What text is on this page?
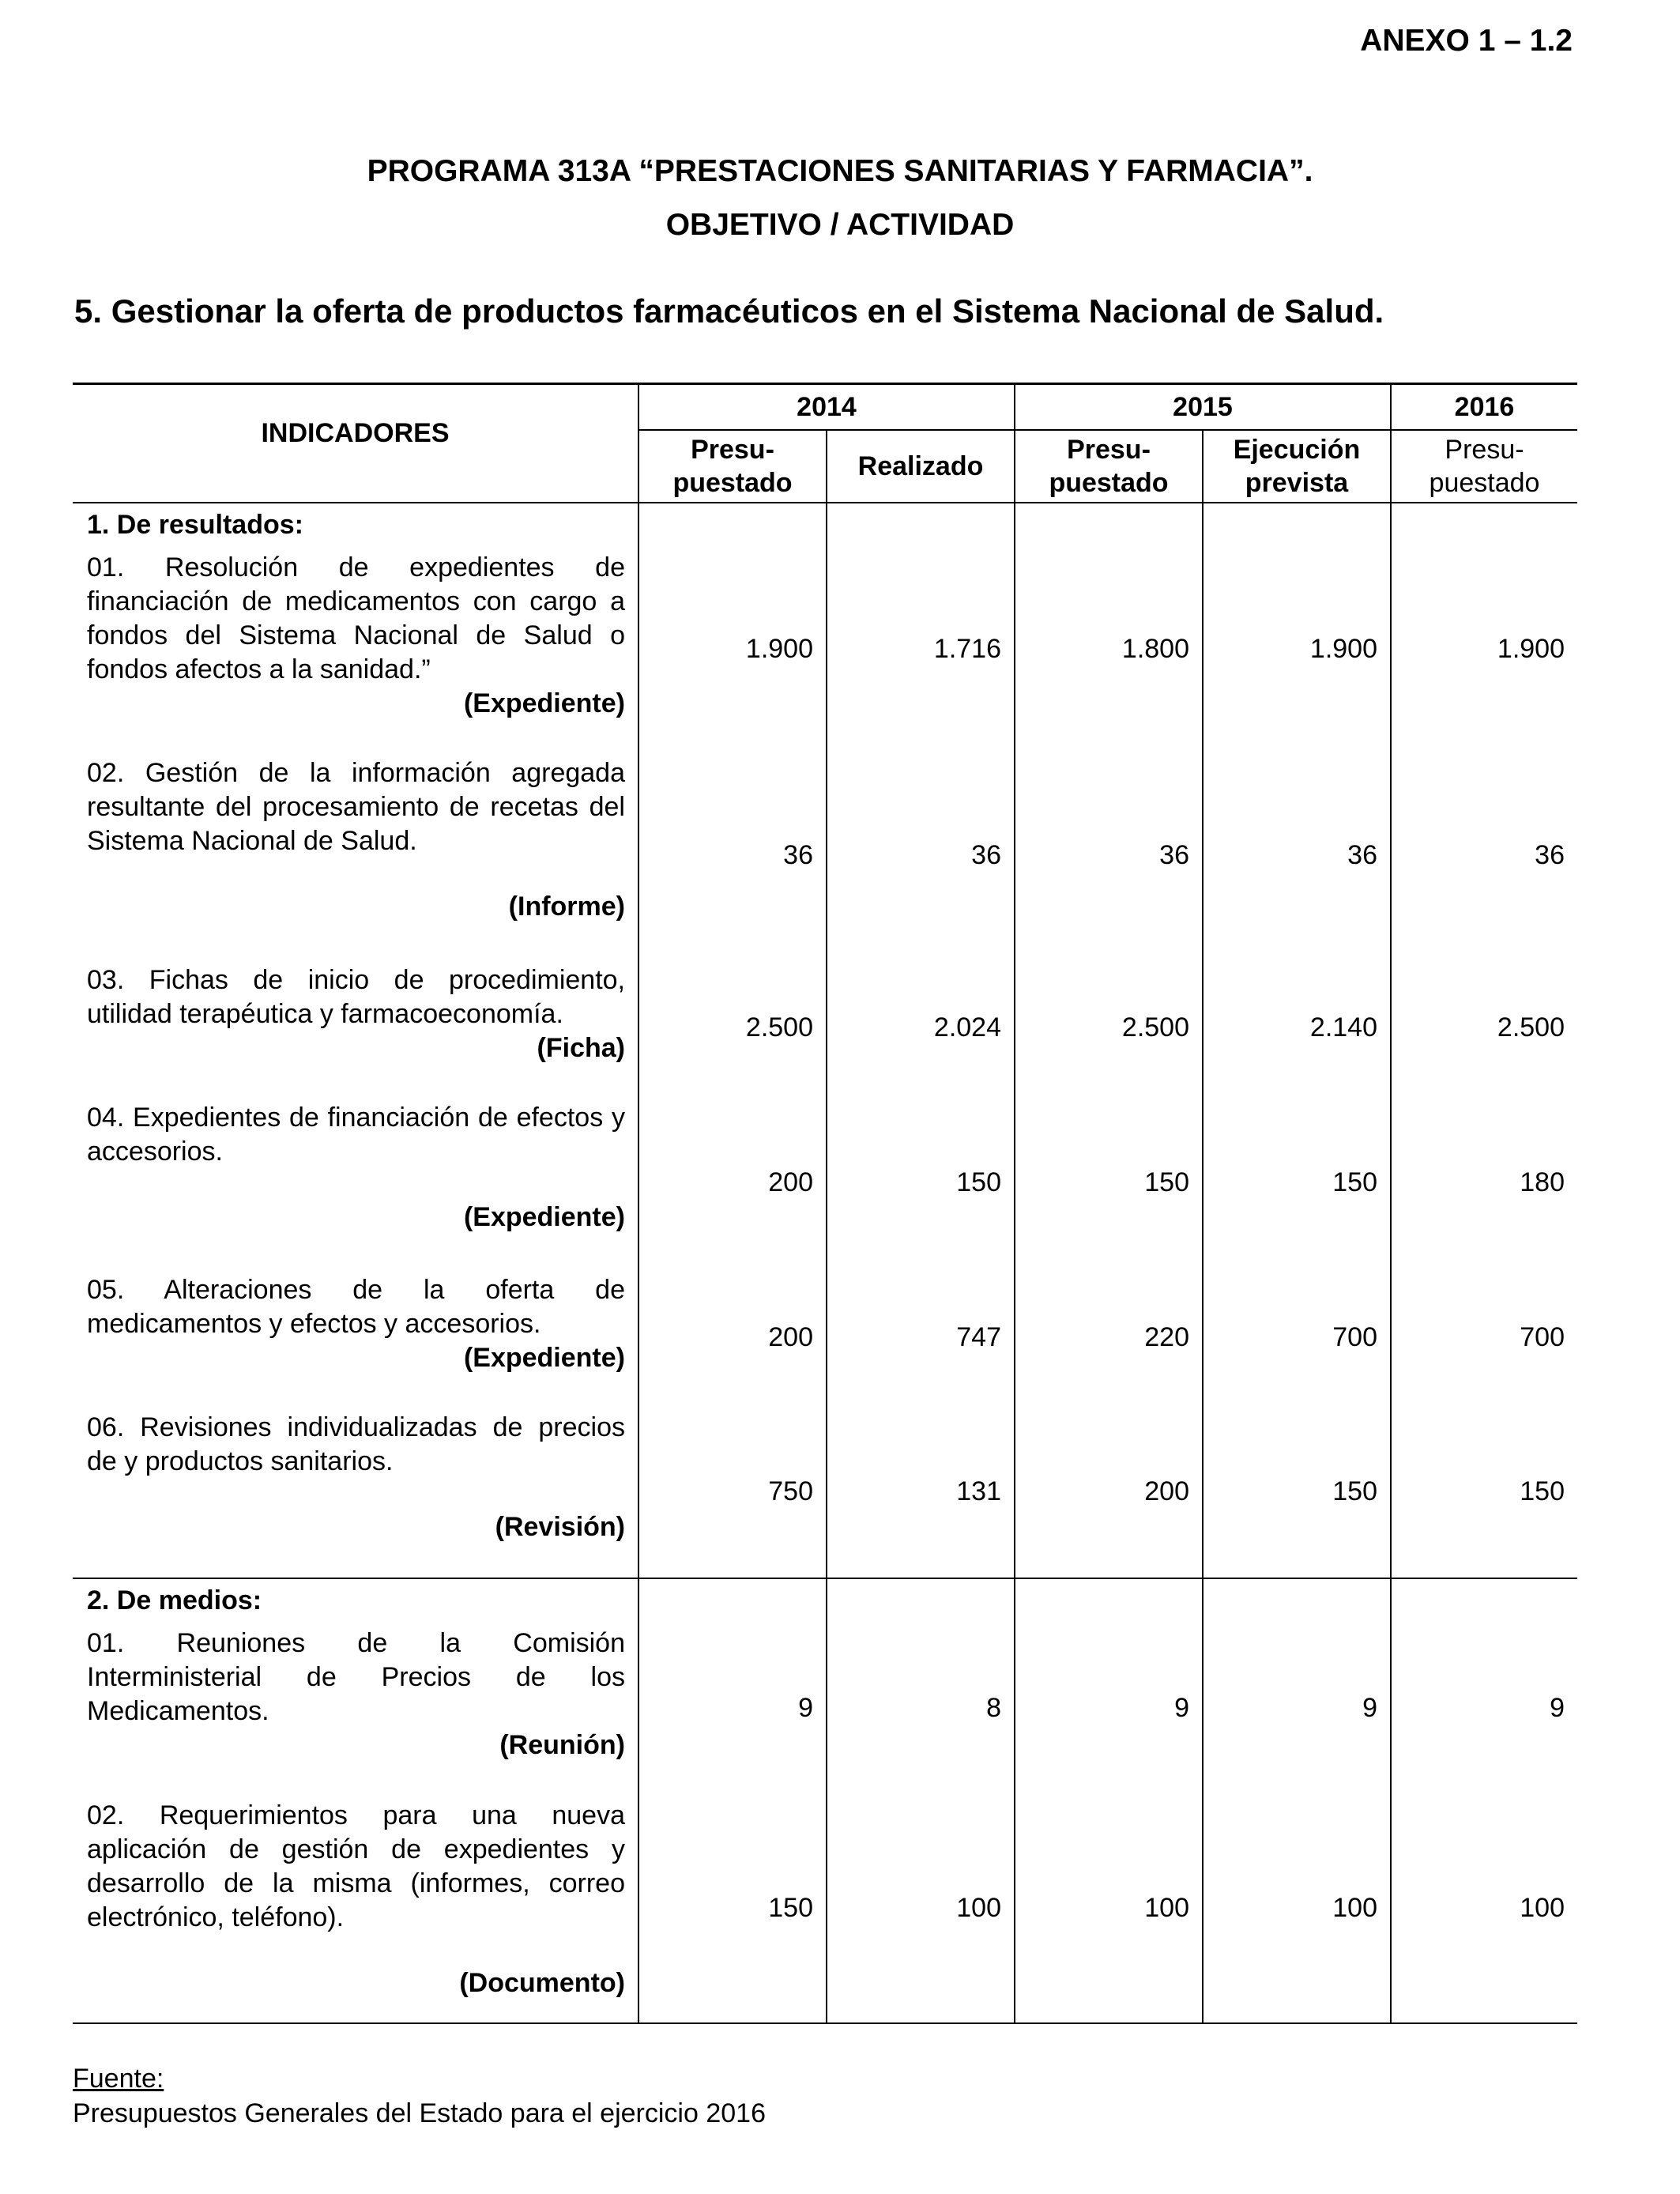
ANEXO 1 – 1.2
PROGRAMA 313A “PRESTACIONES SANITARIAS Y FARMACIA”.
OBJETIVO / ACTIVIDAD
5. Gestionar la oferta de productos farmacéuticos en el Sistema Nacional de Salud.
INDICADORES	2014		2015		2016
	Presu- puestado	Realizado	Presu- puestado	Ejecución prevista	Presu- puestado
1. De resultados:					
01. Resolución de expedientes de financiación de medicamentos con cargo a fondos del Sistema Nacional de Salud o fondos afectos a la sanidad.”
(Expediente)	1.900	1.716	1.800	1.900	1.900
02. Gestión de la información agregada resultante del procesamiento de recetas del Sistema Nacional de Salud.
(Informe)	36	36	36	36	36
03. Fichas de inicio de procedimiento, utilidad terapéutica y farmacoeconomía.
(Ficha)	2.500	2.024	2.500	2.140	2.500
04. Expedientes de financiación de efectos y accesorios.
(Expediente)	200	150	150	150	180
05. Alteraciones de la oferta de medicamentos y efectos y accesorios.
(Expediente)	200	747	220	700	700
06. Revisiones individualizadas de precios de y productos sanitarios.
(Revisión)	750	131	200	150	150
2. De medios:					
01. Reuniones de la Comisión Interministerial de Precios de los Medicamentos.
(Reunión)	9	8	9	9	9
02. Requerimientos para una nueva aplicación de gestión de expedientes y desarrollo de la misma (informes, correo electrónico, teléfono).
(Documento)	150	100	100	100	100
Fuente:
Presupuestos Generales del Estado para el ejercicio 2016
